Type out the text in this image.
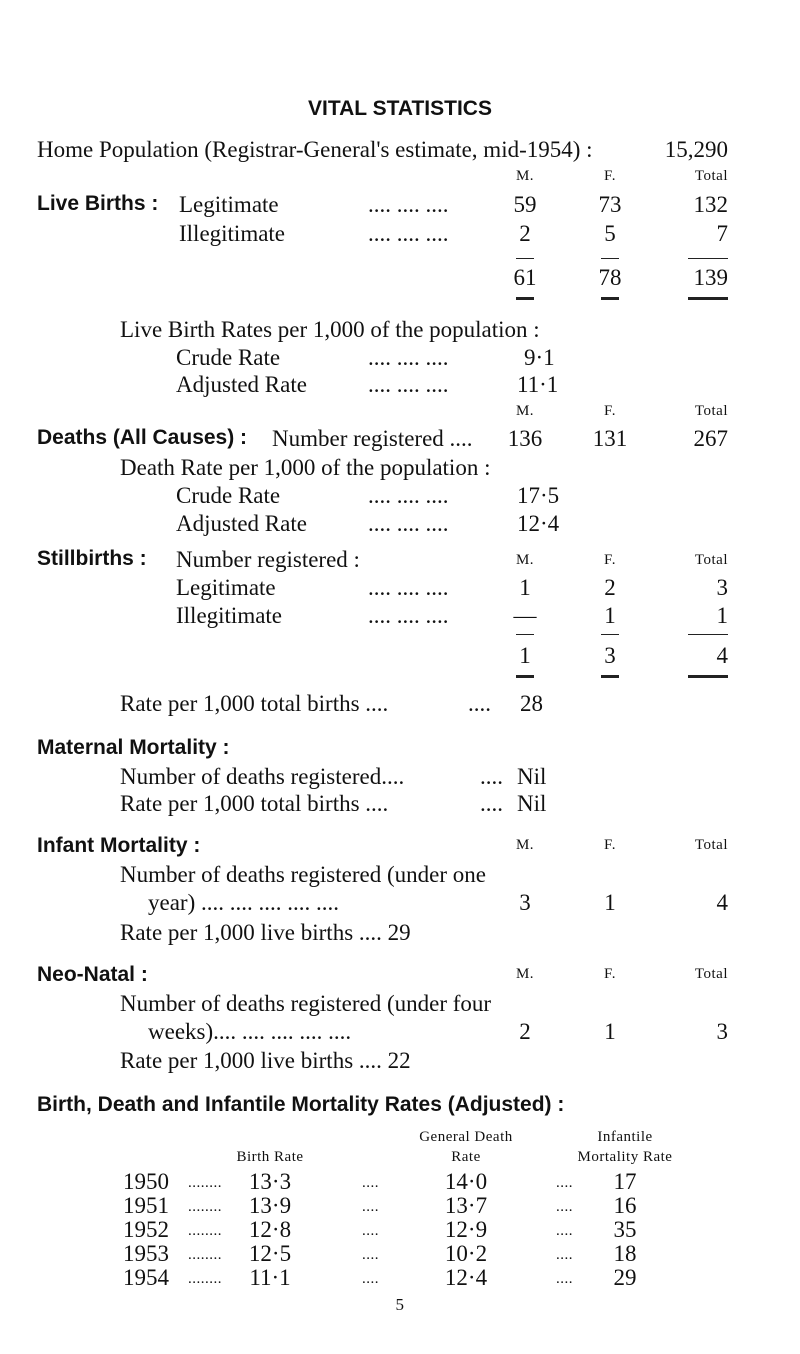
VITAL STATISTICS
Home Population (Registrar-General's estimate, mid-1954) :	15,290
M.	F.	Total
Live Births : Legitimate	.... .... ....	59	73	132
Illegitimate	.... .... ....	2	5	7
61	78	139
Live Birth Rates per 1,000 of the population :
Crude Rate	.... .... ....	9·1
Adjusted Rate	.... .... ....	11·1
M.	F.	Total
Deaths (All Causes) : Number registered ....	136	131	267
Death Rate per 1,000 of the population :
Crude Rate	.... .... ....	17·5
Adjusted Rate	.... .... ....	12·4
Stillbirths : Number registered :	M.	F.	Total
Legitimate	.... .... ....	1	2	3
Illegitimate	.... .... ....	—	1	1
1	3	4
Rate per 1,000 total births ....	.... 28
Maternal Mortality :
Number of deaths registered....	.... Nil
Rate per 1,000 total births ....	.... Nil
Infant Mortality :	M.	F.	Total
Number of deaths registered (under one
year) .... .... .... .... ....	3	1	4
Rate per 1,000 live births .... 29
Neo-Natal :	M.	F.	Total
Number of deaths registered (under four
weeks).... .... .... .... ....	2	1	3
Rate per 1,000 live births .... 22
Birth, Death and Infantile Mortality Rates (Adjusted) :
General Death	Infantile
Birth Rate	Rate	Mortality Rate
1950 ........	13·3	....	14·0	....	17
1951 ........	13·9	....	13·7	....	16
1952 ........	12·8	....	12·9	....	35
1953 ........	12·5	....	10·2	....	18
1954 ........	11·1	....	12·4	....	29
5
